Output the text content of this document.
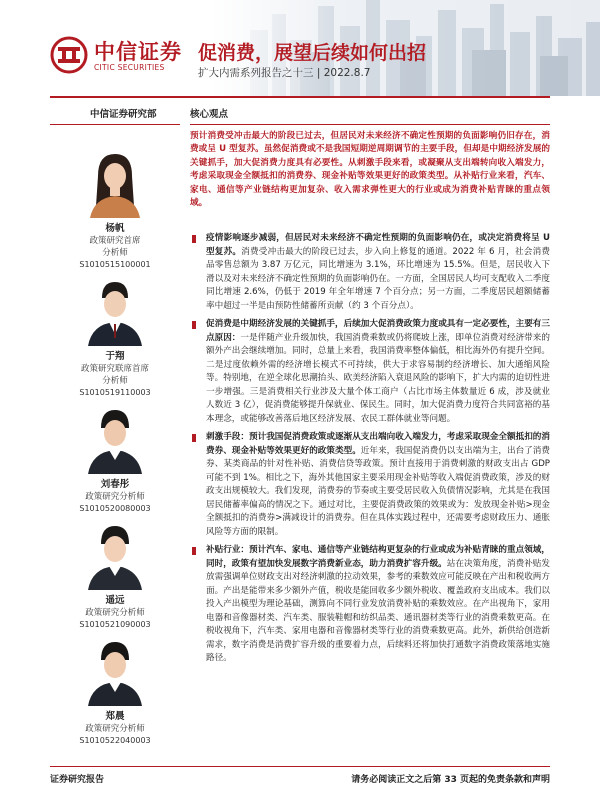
中信证券
CITIC SECURITIES
促消费，展望后续如何出招
扩大内需系列报告之十三 | 2022.8.7
中信证券研究部
杨帆
政策研究首席
分析师
S1010515100001
于翔
政策研究联席首席
分析师
S1010519110003
刘春彤
政策研究分析师
S1010520080003
遥远
政策研究分析师
S1010521090003
郑晨
政策研究分析师
S1010522040003
核心观点
预计消费受冲击最大的阶段已过去，但居民对未来经济不确定性预期的负面影响仍旧存在，消费或呈 U 型复苏。虽然促消费或不是我国短期逆周期调节的主要手段，但却是中期经济发展的关键抓手，加大促消费力度具有必要性。从刺激手段来看，或凝聚从支出端转向收入端发力，考虑采取现金全额抵扣的消费券、现金补贴等效果更好的政策类型。从补贴行业来看，汽车、家电、通信等产业链结构更加复杂、收入需求弹性更大的行业或成为消费补贴青睐的重点领域。
疫情影响逐步减弱，但居民对未来经济不确定性预期的负面影响仍在，或决定消费将呈 U 型复苏。消费受冲击最大的阶段已过去，步入向上修复的通道。2022 年 6 月，社会消费品零售总额为 3.87 万亿元，同比增速为 3.1%，环比增速为 15.5%。但是，居民收入下滑以及对未来经济不确定性预期的负面影响仍在。一方面，全国居民人均可支配收入二季度同比增速 2.6%，仍低于 2019 年全年增速 7 个百分点；另一方面，二季度居民超额储蓄率中超过一半是由预防性储蓄所贡献（约 3 个百分点）。
促消费是中期经济发展的关键抓手，后续加大促消费政策力度或具有一定必要性，主要有三点原因：一是伴随产业升级加快，我国消费乘数或仍将爬坡上涨，即单位消费对经济带来的额外产出会继续增加。同时，总量上来看，我国消费率整体偏低，相比海外仍有提升空间。二是过度依赖外需的经济增长模式不可持续，供大于求容易制约经济增长、加大通缩风险等。特别地，在逆全球化思潮抬头、欧美经济陷入衰退风险的影响下，扩大内需的迫切性进一步增强。三是消费相关行业涉及大量个体工商户（占比市场主体数量近 6 成，涉及就业人数近 3 亿），促消费能够提升保就业、保民生。同时，加大促消费力度符合共同富裕的基本理念，或能够改善落后地区经济发展、农民工群体就业等问题。
刺激手段：预计我国促消费政策或逐渐从支出端向收入端发力，考虑采取现金全额抵扣的消费券、现金补贴等效果更好的政策类型。近年来，我国促消费仍以支出端为主，出台了消费券、某类商品的针对性补贴、消费信贷等政策。预计直接用于消费刺激的财政支出占 GDP 可能不到 1%。相比之下，海外其他国家主要采用现金补贴等收入端促消费政策，涉及的财政支出规模较大。我们发现，消费券的节奏或主要受居民收入负债情况影响，尤其是在我国居民储蓄率偏高的情况之下。通过对比，主要促消费政策的效果或为：发放现金补贴>现金全额抵扣的消费券>满减设计的消费券。但在具体实践过程中，还需要考虑财政压力、通胀风险等方面的限制。
补贴行业：预计汽车、家电、通信等产业链结构更复杂的行业或成为补贴青睐的重点领域，同时，政策有望加快发展数字消费新业态，助力消费扩容升级。站在决策角度，消费补贴发放需强调单位财政支出对经济刺激的拉动效果，参考的乘数效应可能反映在产出和税收两方面。产出是能带来多少额外产值，税收是能回收多少额外税收、覆盖政府支出成本。我们以投入产出模型为理论基础，测算向不同行业发放消费补贴的乘数效应。在产出视角下，家用电器和音像器材类、汽车类、服装鞋帽和纺织品类、通讯器材类等行业的消费乘数更高。在税收视角下，汽车类、家用电器和音像器材类等行业的消费乘数更高。此外，新供给创造新需求，数字消费是消费扩容升级的重要着力点，后续料还将加快打通数字消费政策落地实施路径。
证券研究报告	请务必阅读正文之后第 33 页起的免责条款和声明
